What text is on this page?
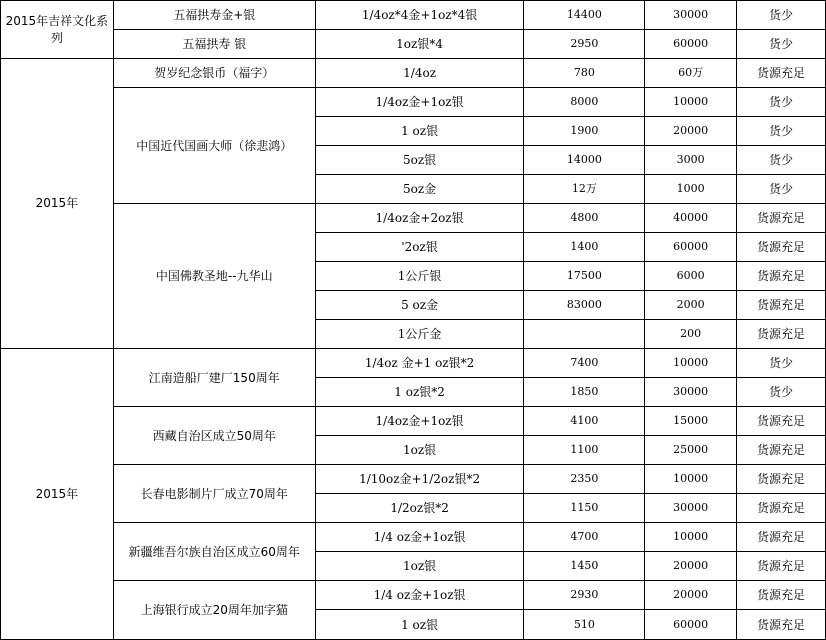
2015年吉祥文化系列	五福拱寿金+银	1/4oz*4金+1oz*4银	14400	30000	货少
	五福拱寿 银	1oz银*4	2950	60000	货少
2015年	贺岁纪念银币（福字）	1/4oz	780	60万	货源充足
	中国近代国画大师（徐悲鸿）	1/4oz金+1oz银	8000	10000	货少
		1 oz银	1900	20000	货少
		5oz银	14000	3000	货少
		5oz金	12万	1000	货少
	中国佛教圣地--九华山	1/4oz金+2oz银	4800	40000	货源充足
		'2oz银	1400	60000	货源充足
		1公斤银	17500	6000	货源充足
		5 oz金	83000	2000	货源充足
		1公斤金		200	货源充足
2015年	江南造船厂建厂150周年	1/4oz 金+1 oz银*2	7400	10000	货少
		1 oz银*2	1850	30000	货少
	西藏自治区成立50周年	1/4oz金+1oz银	4100	15000	货源充足
		1oz银	1100	25000	货源充足
	长春电影制片厂成立70周年	1/10oz金+1/2oz银*2	2350	10000	货源充足
		1/2oz银*2	1150	30000	货源充足
	新疆维吾尔族自治区成立60周年	1/4 oz金+1oz银	4700	10000	货源充足
		1oz银	1450	20000	货源充足
	上海银行成立20周年加字猫	1/4 oz金+1oz银	2930	20000	货源充足
		1 oz银	510	60000	货源充足
